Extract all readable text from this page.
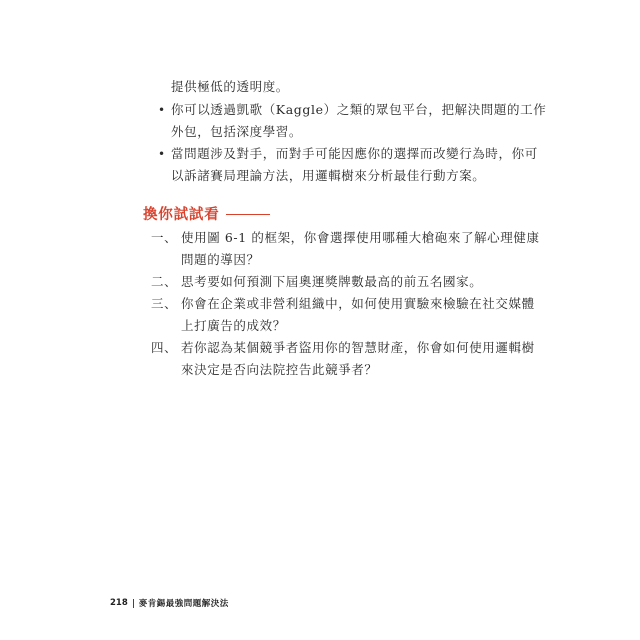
提供極低的透明度。
• 你可以透過凱歌（Kaggle）之類的眾包平台，把解決問題的工作
外包，包括深度學習。
• 當問題涉及對手，而對手可能因應你的選擇而改變行為時，你可
以訴諸賽局理論方法，用邏輯樹來分析最佳行動方案。
換你試試看
一、 使用圖 6-1 的框架，你會選擇使用哪種大槍砲來了解心理健康
問題的導因？
二、 思考要如何預測下屆奧運獎牌數最高的前五名國家。
三、 你會在企業或非營利組織中，如何使用實驗來檢驗在社交媒體
上打廣告的成效？
四、 若你認為某個競爭者盜用你的智慧財產，你會如何使用邏輯樹
來決定是否向法院控告此競爭者？
218 麥肯錫最強問題解決法
